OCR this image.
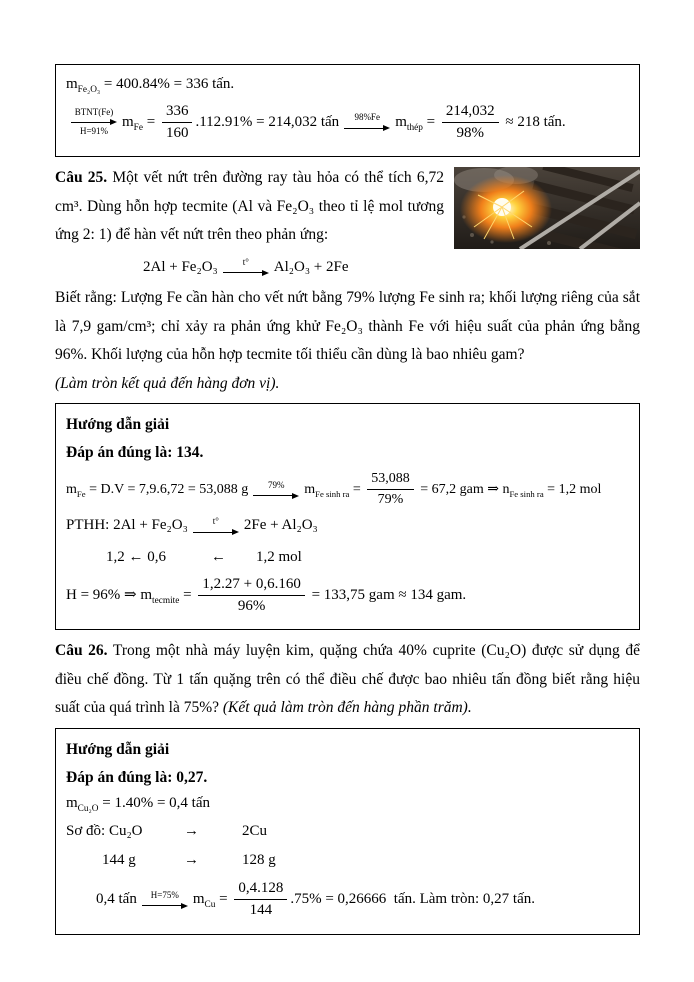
$m_{Fe_2O_3} = 400.84\% = 336$ tấn.
BTNT(Fe)
H=91%
$m_{Fe} = \frac{336}{160} .112.91\% = 214,032$ tấn 98%Fe $m_{thép} = \frac{214,032}{98\%} \approx 218$ tấn.
Câu 25. Một vết nứt trên đường ray tàu hỏa có thể tích 6,72 cm³. Dùng hỗn hợp tecmite (Al và Fe₂O₃ theo tỉ lệ mol tương ứng 2: 1) để hàn vết nứt trên theo phản ứng:
2Al + Fe₂O₃	t° Al₂O₃ + 2Fe
Biết rằng: Lượng Fe cần hàn cho vết nứt bằng 79% lượng Fe sinh ra; khối lượng riêng của sắt là 7,9 gam/cm³; chỉ xảy ra phản ứng khử Fe₂O₃ thành Fe với hiệu suất của phản ứng bằng 96%. Khối lượng của hỗn hợp tecmite tối thiểu cần dùng là bao nhiêu gam?
(Làm tròn kết quả đến hàng đơn vị).
Hướng dẫn giải
Đáp án đúng là: 134.
$m_{Fe} = D.V = 7,9.6,72 = 53,088$ g 79% $m_{Fe sinh ra} = \frac{53,088}{79\%} = 67,2$ gam ⇒ $n_{Fe sinh ra} = 1,2$ mol
PTHH: 2Al + Fe₂O₃	t° 2Fe + Al₂O₃
1,2 ← 0,6            ←        1,2 mol
H = 96% ⇒ $m_{tecmite} = \frac{1,2.27 + 0,6.160}{96\%} = 133,75$ gam ≈ 134 gam.
Câu 26. Trong một nhà máy luyện kim, quặng chứa 40% cuprite (Cu₂O) được sử dụng để điều chế đồng. Từ 1 tấn quặng trên có thể điều chế được bao nhiêu tấn đồng biết rằng hiệu suất của quá trình là 75%? (Kết quả làm tròn đến hàng phần trăm).
Hướng dẫn giải
Đáp án đúng là: 0,27.
$m_{Cu_2O} = 1.40\% = 0,4$ tấn
Sơ đồ: Cu₂O	→	2Cu
144 g	→	128 g
0,4 tấn H=75% $m_{Cu} = \frac{0,4.128}{144} .75\% = 0,26666$  tấn. Làm tròn: 0,27 tấn.
